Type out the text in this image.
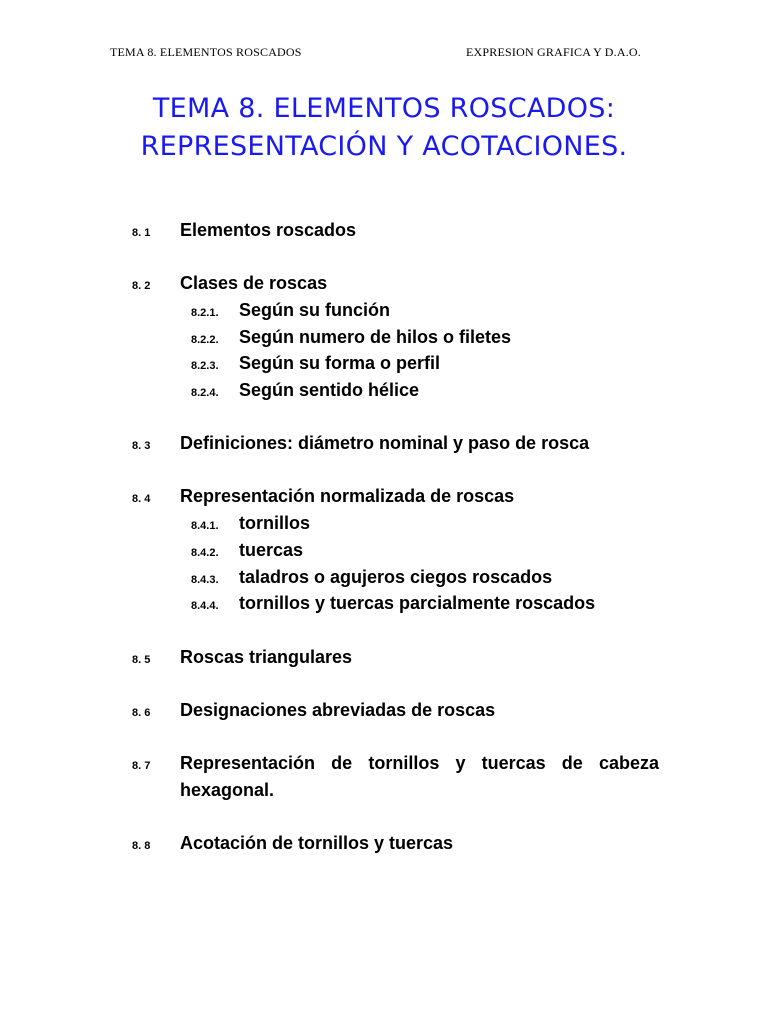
TEMA 8. ELEMENTOS ROSCADOS	EXPRESION GRAFICA Y D.A.O.
TEMA 8. ELEMENTOS ROSCADOS:
REPRESENTACIÓN Y ACOTACIONES.
8. 1 Elementos roscados
8. 2 Clases de roscas
8.2.1. Según su función
8.2.2. Según numero de hilos o filetes
8.2.3. Según su forma o perfil
8.2.4. Según sentido hélice
8. 3 Definiciones: diámetro nominal y paso de rosca
8. 4 Representación normalizada de roscas
8.4.1. tornillos
8.4.2. tuercas
8.4.3. taladros o agujeros ciegos roscados
8.4.4. tornillos y tuercas parcialmente roscados
8. 5 Roscas triangulares
8. 6 Designaciones abreviadas de roscas
8. 7 Representación de tornillos y tuercas de cabeza
hexagonal.
8. 8 Acotación de tornillos y tuercas
